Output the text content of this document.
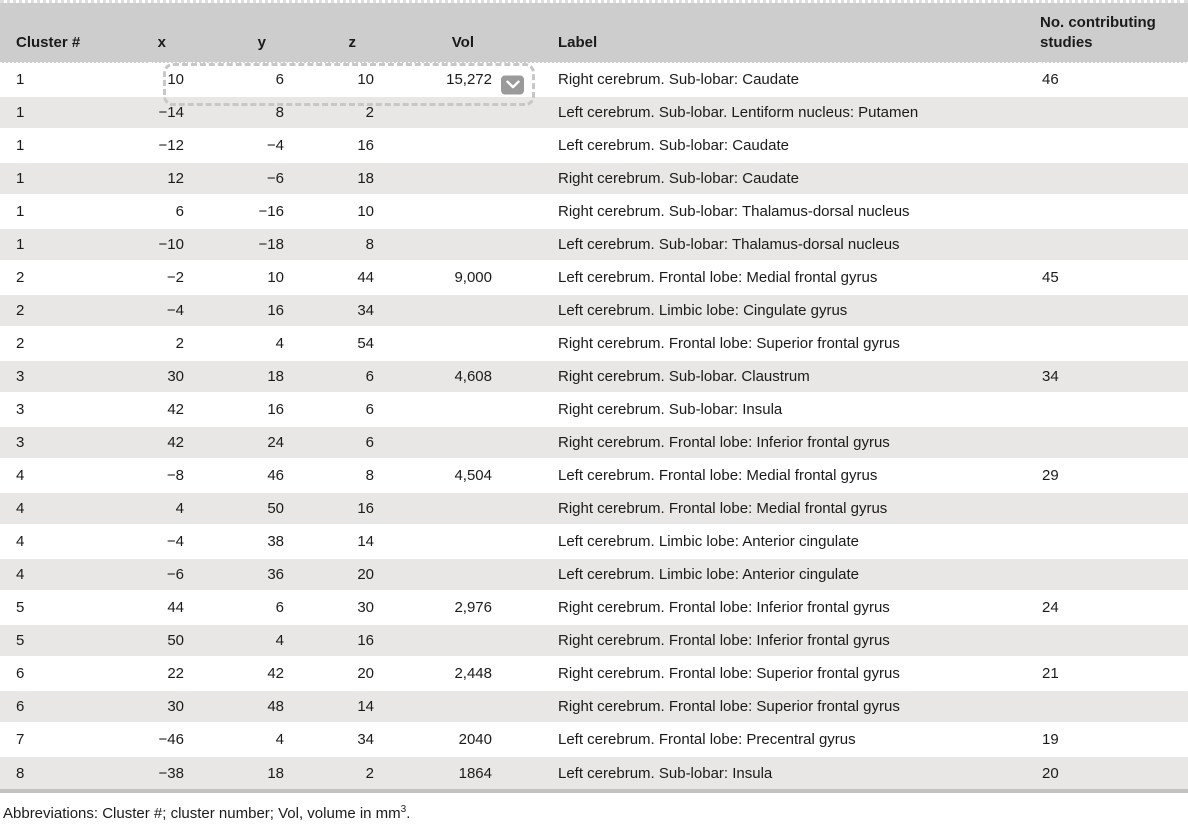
Cluster #	x	y	z	Vol	Label	No. contributing studies
1	10	6	10	15,272	Right cerebrum. Sub-lobar: Caudate	46
1	−14	8	2		Left cerebrum. Sub-lobar. Lentiform nucleus: Putamen	
1	−12	−4	16		Left cerebrum. Sub-lobar: Caudate	
1	12	−6	18		Right cerebrum. Sub-lobar: Caudate	
1	6	−16	10		Right cerebrum. Sub-lobar: Thalamus-dorsal nucleus	
1	−10	−18	8		Left cerebrum. Sub-lobar: Thalamus-dorsal nucleus	
2	−2	10	44	9,000	Left cerebrum. Frontal lobe: Medial frontal gyrus	45
2	−4	16	34		Left cerebrum. Limbic lobe: Cingulate gyrus	
2	2	4	54		Right cerebrum. Frontal lobe: Superior frontal gyrus	
3	30	18	6	4,608	Right cerebrum. Sub-lobar. Claustrum	34
3	42	16	6		Right cerebrum. Sub-lobar: Insula	
3	42	24	6		Right cerebrum. Frontal lobe: Inferior frontal gyrus	
4	−8	46	8	4,504	Left cerebrum. Frontal lobe: Medial frontal gyrus	29
4	4	50	16		Right cerebrum. Frontal lobe: Medial frontal gyrus	
4	−4	38	14		Left cerebrum. Limbic lobe: Anterior cingulate	
4	−6	36	20		Left cerebrum. Limbic lobe: Anterior cingulate	
5	44	6	30	2,976	Right cerebrum. Frontal lobe: Inferior frontal gyrus	24
5	50	4	16		Right cerebrum. Frontal lobe: Inferior frontal gyrus	
6	22	42	20	2,448	Right cerebrum. Frontal lobe: Superior frontal gyrus	21
6	30	48	14		Right cerebrum. Frontal lobe: Superior frontal gyrus	
7	−46	4	34	2040	Left cerebrum. Frontal lobe: Precentral gyrus	19
8	−38	18	2	1864	Left cerebrum. Sub-lobar: Insula	20
Abbreviations: Cluster #; cluster number; Vol, volume in $mm^3$.
